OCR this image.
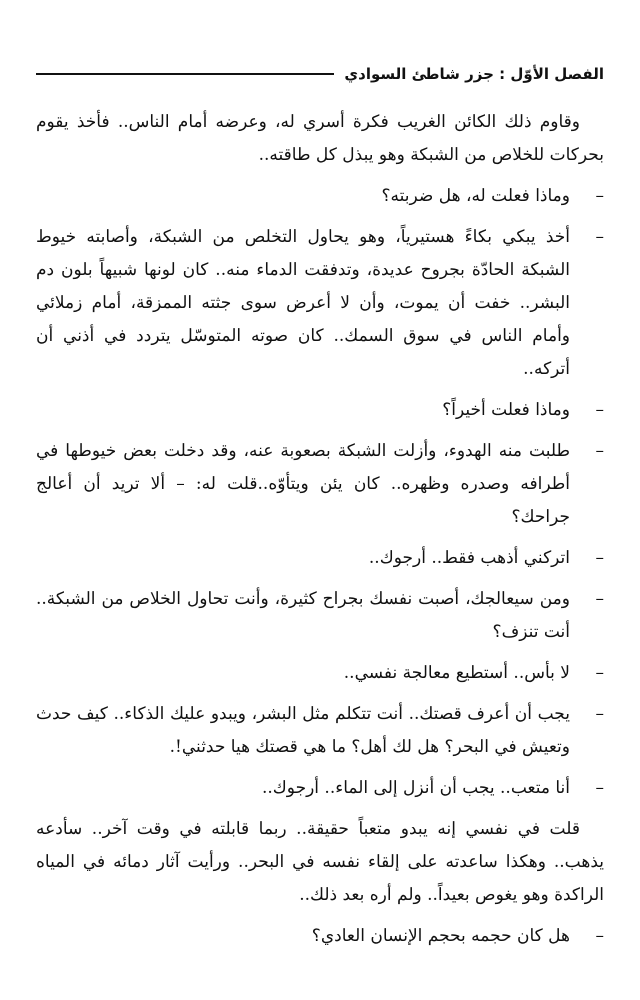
الفصل الأوّل : جزر شاطئ السوادي

وقاوم ذلك الكائن الغريب فكرة أسري له، وعرضه أمام الناس.. فأخذ يقوم بحركات للخلاص من الشبكة وهو يبذل كل طاقته..

–
وماذا فعلت له، هل ضربته؟
–
أخذ يبكي بكاءً هستيرياً، وهو يحاول التخلص من الشبكة، وأصابته خيوط الشبكة الحادّة بجروح عديدة، وتدفقت الدماء منه.. كان لونها شبيهاً بلون دم البشر.. خفت أن يموت، وأن لا أعرض سوى جثته الممزقة، أمام زملائي وأمام الناس في سوق السمك.. كان صوته المتوسّل يتردد في أذني أن أتركه..
–
وماذا فعلت أخيراً؟
–
طلبت منه الهدوء، وأزلت الشبكة بصعوبة عنه، وقد دخلت بعض خيوطها في أطرافه وصدره وظهره.. كان يئن ويتأوّه..قلت له: – ألا تريد أن أعالج جراحك؟
–
اتركني أذهب فقط.. أرجوك..
–
ومن سيعالجك، أصبت نفسك بجراح كثيرة، وأنت تحاول الخلاص من الشبكة.. أنت تنزف؟
–
لا بأس.. أستطيع معالجة نفسي..
–
يجب أن أعرف قصتك.. أنت تتكلم مثل البشر، ويبدو عليك الذكاء.. كيف حدث وتعيش في البحر؟ هل لك أهل؟ ما هي قصتك هيا حدثني!.
–
أنا متعب.. يجب أن أنزل إلى الماء.. أرجوك..

قلت في نفسي إنه يبدو متعباً حقيقة.. ربما قابلته في وقت آخر.. سأدعه يذهب.. وهكذا ساعدته على إلقاء نفسه في البحر.. ورأيت آثار دمائه في المياه الراكدة وهو يغوص بعيداً.. ولم أره بعد ذلك..

–
هل كان حجمه بحجم الإنسان العادي؟
